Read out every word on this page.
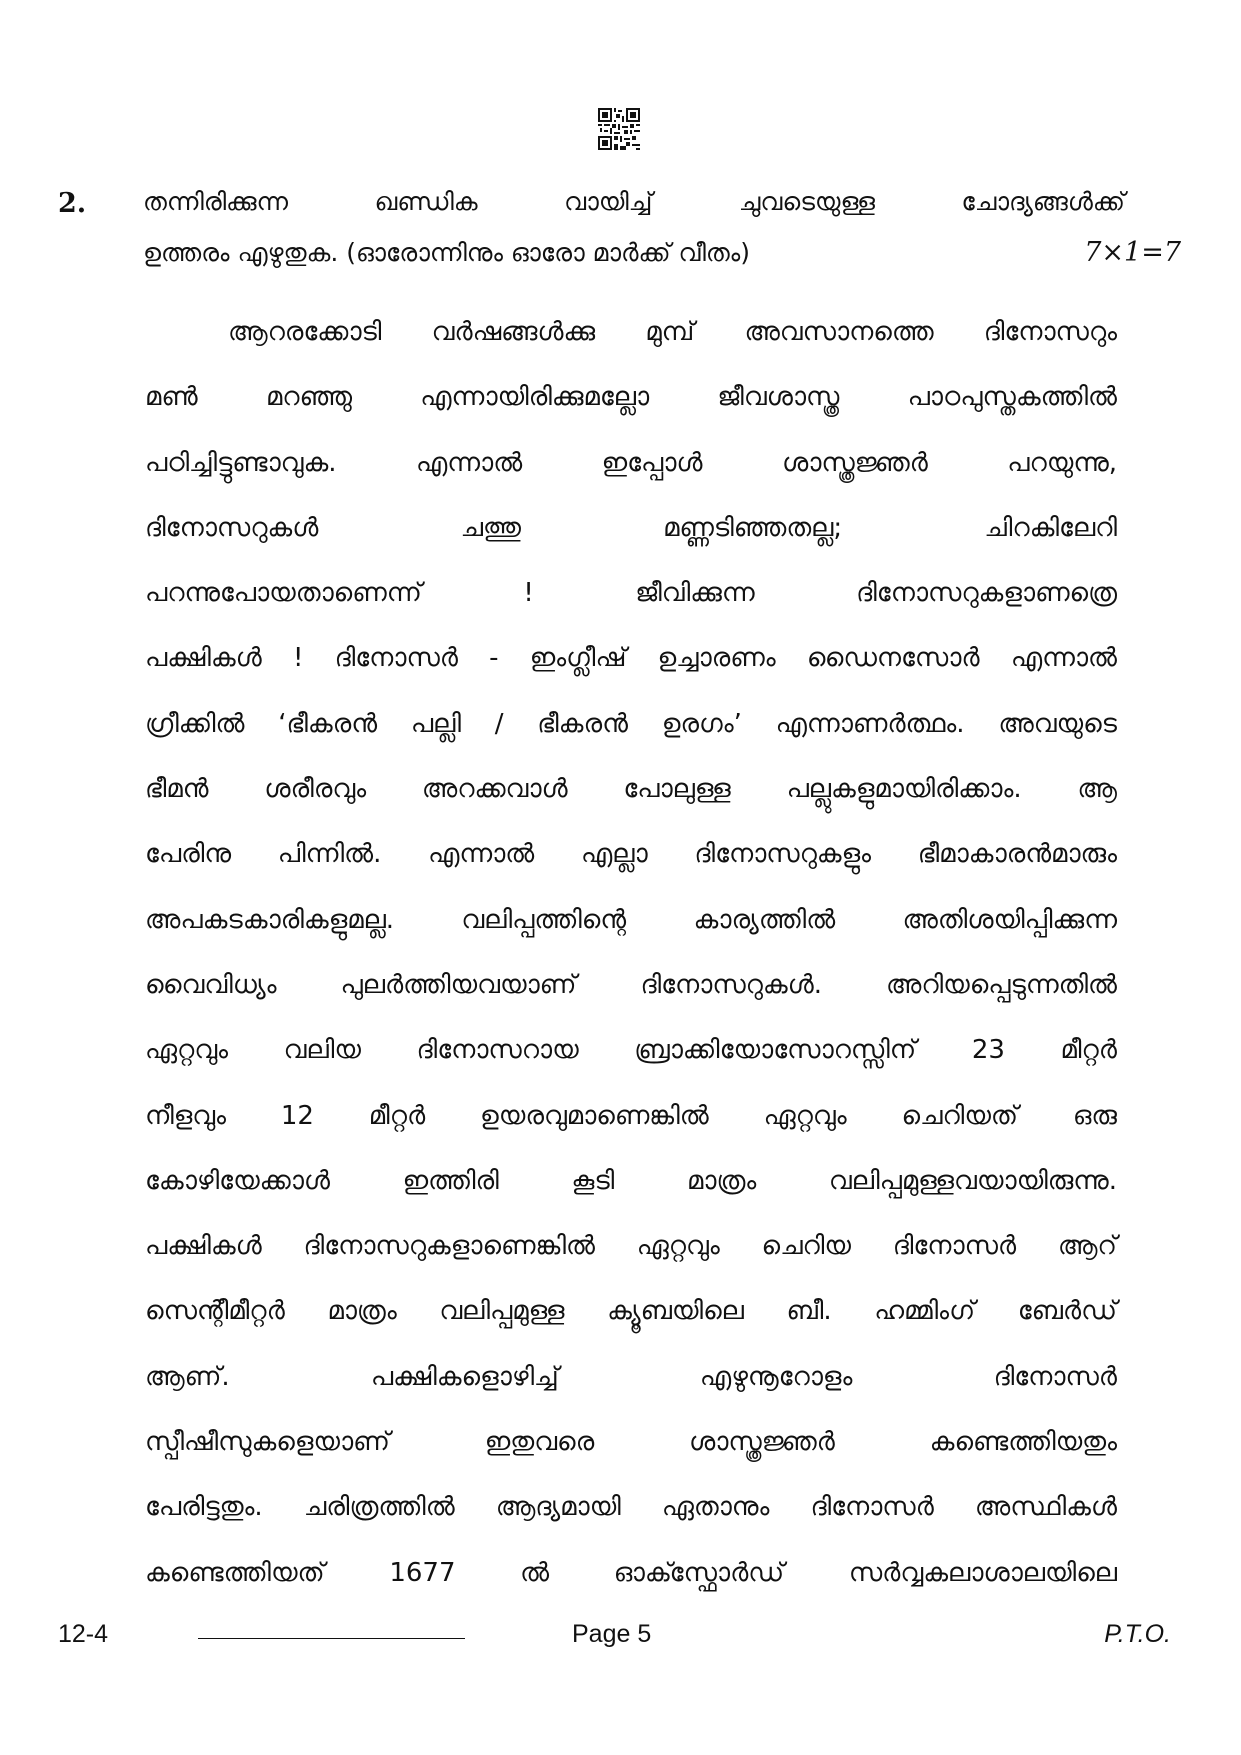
2. തന്നിരിക്കുന്ന ഖണ്ഡിക വായിച്ച് ചുവടെയുള്ള ചോദ്യങ്ങൾക്ക്
ഉത്തരം എഴുതുക. (ഓരോന്നിനും ഓരോ മാർക്ക് വീതം)	7×1=7
ആറരക്കോടി വർഷങ്ങൾക്കു മുമ്പ് അവസാനത്തെ ദിനോസറും
മൺ മറഞ്ഞു എന്നായിരിക്കുമല്ലോ ജീവശാസ്ത്ര പാഠപുസ്തകത്തിൽ
പഠിച്ചിട്ടുണ്ടാവുക. എന്നാൽ ഇപ്പോൾ ശാസ്ത്രജ്ഞർ പറയുന്നു,
ദിനോസറുകൾ ചത്തു മണ്ണടിഞ്ഞതല്ല; ചിറകിലേറി
പറന്നുപോയതാണെന്ന് ! ജീവിക്കുന്ന ദിനോസറുകളാണത്രെ
പക്ഷികൾ ! ദിനോസർ - ഇംഗ്ലീഷ് ഉച്ചാരണം ഡൈനസോർ എന്നാൽ
ഗ്രീക്കിൽ ‘ഭീകരൻ പല്ലി / ഭീകരൻ ഉരഗം’ എന്നാണർത്ഥം. അവയുടെ
ഭീമൻ ശരീരവും അറക്കവാൾ പോലുള്ള പല്ലുകളുമായിരിക്കാം. ആ
പേരിനു പിന്നിൽ. എന്നാൽ എല്ലാ ദിനോസറുകളും ഭീമാകാരൻമാരും
അപകടകാരികളുമല്ല. വലിപ്പത്തിന്റെ കാര്യത്തിൽ അതിശയിപ്പിക്കുന്ന
വൈവിധ്യം പുലർത്തിയവയാണ് ദിനോസറുകൾ. അറിയപ്പെടുന്നതിൽ
ഏറ്റവും വലിയ ദിനോസറായ ബ്രാക്കിയോസോറസ്സിന് 23 മീറ്റർ
നീളവും 12 മീറ്റർ ഉയരവുമാണെങ്കിൽ ഏറ്റവും ചെറിയത് ഒരു
കോഴിയേക്കാൾ ഇത്തിരി കൂടി മാത്രം വലിപ്പമുള്ളവയായിരുന്നു.
പക്ഷികൾ ദിനോസറുകളാണെങ്കിൽ ഏറ്റവും ചെറിയ ദിനോസർ ആറ്
സെന്റീമീറ്റർ മാത്രം വലിപ്പമുള്ള ക്യൂബയിലെ ബീ. ഹമ്മിംഗ് ബേർഡ്
ആണ്. പക്ഷികളൊഴിച്ച് എഴുനൂറോളം ദിനോസർ
സ്പീഷീസുകളെയാണ് ഇതുവരെ ശാസ്ത്രജ്ഞർ കണ്ടെത്തിയതും
പേരിട്ടതും. ചരിത്രത്തിൽ ആദ്യമായി ഏതാനും ദിനോസർ അസ്ഥികൾ
കണ്ടെത്തിയത് 1677 ൽ ഓക്സ്ഫോർഡ് സർവ്വകലാശാലയിലെ
12-4	Page 5	P.T.O.
